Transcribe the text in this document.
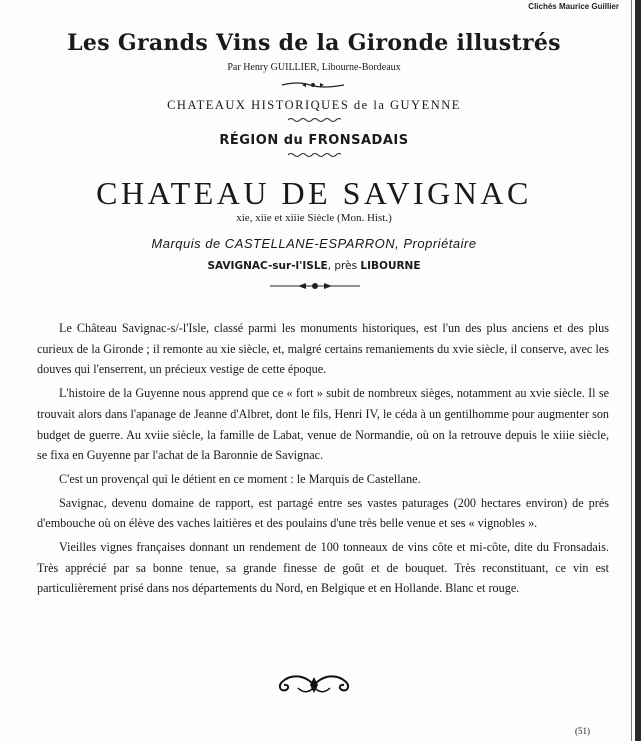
Clichés Maurice Guillier
Les Grands Vins de la Gironde illustrés
Par Henry GUILLIER, Libourne-Bordeaux
CHATEAUX HISTORIQUES de la GUYENNE
RÉGION du FRONSADAIS
CHATEAU DE SAVIGNAC
xie, xiie et xiiie Siècle (Mon. Hist.)
Marquis de CASTELLANE-ESPARRON, Propriétaire
SAVIGNAC-sur-l'ISLE, près LIBOURNE

Le Château Savignac-s/-l'Isle, classé parmi les monuments historiques, est l'un des plus anciens et des plus curieux de la Gironde ; il remonte au xie siècle, et, malgré certains remaniements du xvie siècle, il conserve, avec les douves qui l'enserrent, un précieux vestige de cette époque.

L'histoire de la Guyenne nous apprend que ce « fort » subit de nombreux sièges, notamment au xvie siècle. Il se trouvait alors dans l'apanage de Jeanne d'Albret, dont le fils, Henri IV, le céda à un gentilhomme pour augmenter son budget de guerre. Au xviie siècle, la famille de Labat, venue de Normandie, où on la retrouve depuis le xiiie siècle, se fixa en Guyenne par l'achat de la Baronnie de Savignac.

C'est un provençal qui le détient en ce moment : le Marquis de Castellane.

Savignac, devenu domaine de rapport, est partagé entre ses vastes paturages (200 hectares environ) de prés d'embouche où on élève des vaches laitières et des poulains d'une très belle venue et ses « vignobles ».

Vieilles vignes françaises donnant un rendement de 100 tonneaux de vins côte et mi-côte, dite du Fronsadais. Très apprécié par sa bonne tenue, sa grande finesse de goût et de bouquet. Très reconstituant, ce vin est particulièrement prisé dans nos départements du Nord, en Belgique et en Hollande. Blanc et rouge.

(51)
